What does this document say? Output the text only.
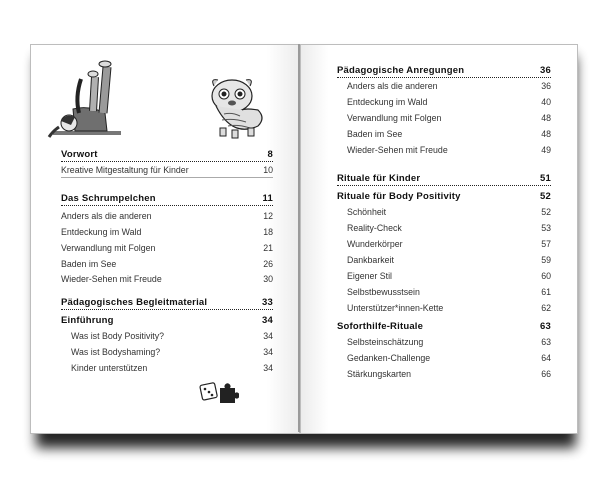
Vorwort	8
Kreative Mitgestaltung für Kinder	10
Das Schrumpelchen	11
Anders als die anderen	12
Entdeckung im Wald	18
Verwandlung mit Folgen	21
Baden im See	26
Wieder-Sehen mit Freude	30
Pädagogisches Begleitmaterial	33
Einführung	34
Was ist Body Positivity?	34
Was ist Bodyshaming?	34
Kinder unterstützen	34
Pädagogische Anregungen	36
Anders als die anderen	36
Entdeckung im Wald	40
Verwandlung mit Folgen	48
Baden im See	48
Wieder-Sehen mit Freude	49
Rituale für Kinder	51
Rituale für Body Positivity	52
Schönheit	52
Reality-Check	53
Wunderkörper	57
Dankbarkeit	59
Eigener Stil	60
Selbstbewusstsein	61
Unterstützer*innen-Kette	62
Soforthilfe-Rituale	63
Selbsteinschätzung	63
Gedanken-Challenge	64
Stärkungskarten	66
